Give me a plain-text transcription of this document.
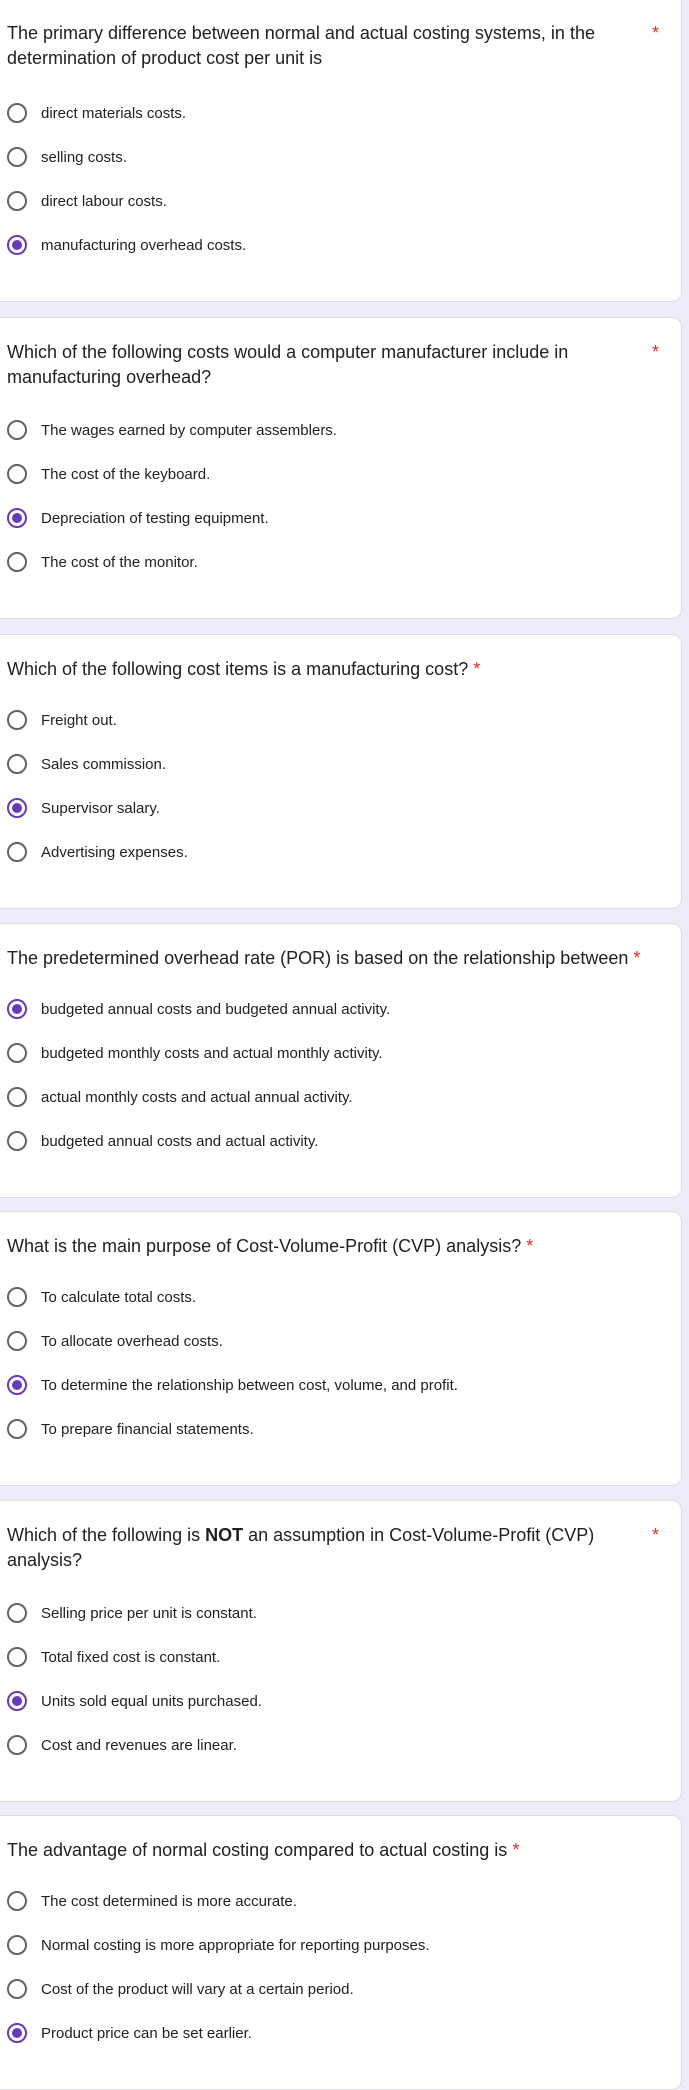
The primary difference between normal and actual costing systems, in the determination of product cost per unit is
*
direct materials costs.
selling costs.
direct labour costs.
manufacturing overhead costs.
Which of the following costs would a computer manufacturer include in manufacturing overhead?
*
The wages earned by computer assemblers.
The cost of the keyboard.
Depreciation of testing equipment.
The cost of the monitor.
Which of the following cost items is a manufacturing cost? *
Freight out.
Sales commission.
Supervisor salary.
Advertising expenses.
The predetermined overhead rate (POR) is based on the relationship between *
budgeted annual costs and budgeted annual activity.
budgeted monthly costs and actual monthly activity.
actual monthly costs and actual annual activity.
budgeted annual costs and actual activity.
What is the main purpose of Cost-Volume-Profit (CVP) analysis? *
To calculate total costs.
To allocate overhead costs.
To determine the relationship between cost, volume, and profit.
To prepare financial statements.
Which of the following is NOT an assumption in Cost-Volume-Profit (CVP) analysis?
*
Selling price per unit is constant.
Total fixed cost is constant.
Units sold equal units purchased.
Cost and revenues are linear.
The advantage of normal costing compared to actual costing is *
The cost determined is more accurate.
Normal costing is more appropriate for reporting purposes.
Cost of the product will vary at a certain period.
Product price can be set earlier.
